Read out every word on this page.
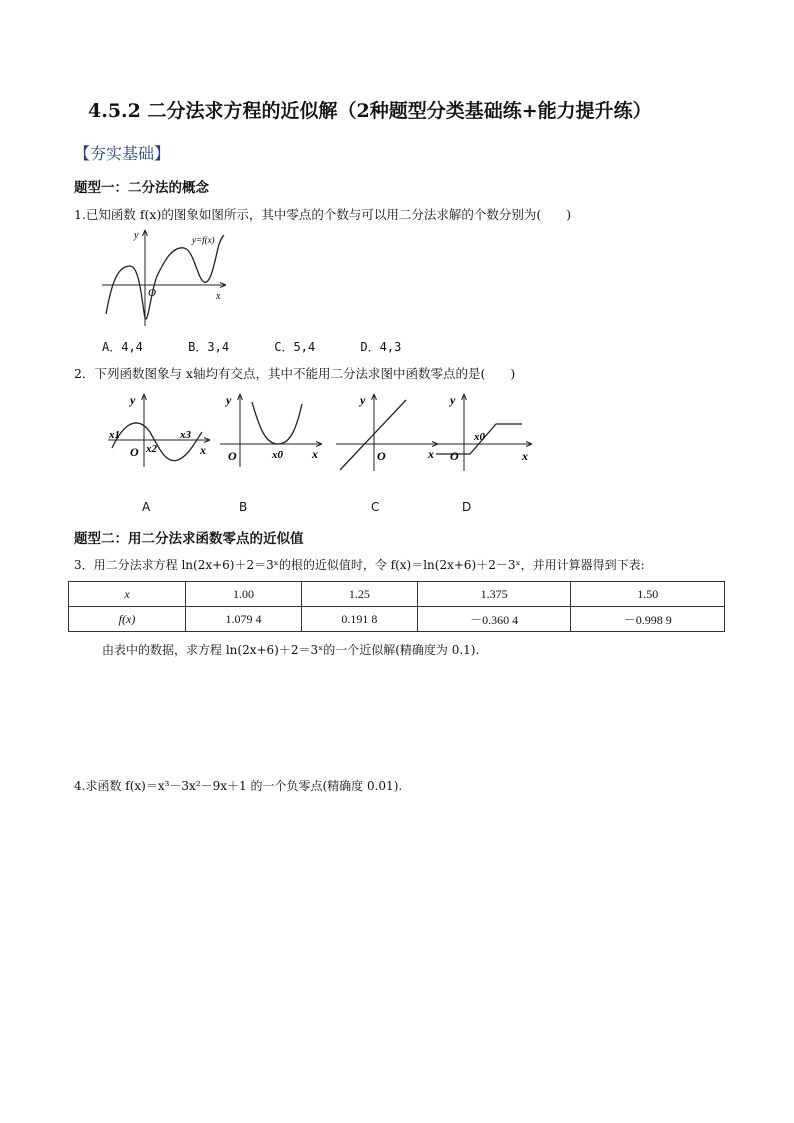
4.5.2 二分法求方程的近似解（2种题型分类基础练+能力提升练）
【夯实基础】
题型一：二分法的概念
1.已知函数 f(x)的图象如图所示，其中零点的个数与可以用二分法求解的个数分别为(　　)
y
x
O
y=f(x)
A．4,4	B．3,4	C．5,4	D．4,3
2．下列函数图象与 x轴均有交点，其中不能用二分法求图中函数零点的是(　　)
y
x
O
x1
x2
x3
y
x
O	x0
y
x
O
y
x
O
x0
A	B	C	D
题型二：用二分法求函数零点的近似值
3．用二分法求方程 ln(2x+6)＋2＝3ˣ的根的近似值时，令 f(x)＝ln(2x+6)＋2－3ˣ，并用计算器得到下表:
x	1.00	1.25	1.375	1.50
f(x)	1.079 4	0.191 8	－0.360 4	－0.998 9
由表中的数据，求方程 ln(2x+6)＋2＝3ˣ的一个近似解(精确度为 0.1).
4.求函数 f(x)＝x³－3x²－9x＋1 的一个负零点(精确度 0.01).
